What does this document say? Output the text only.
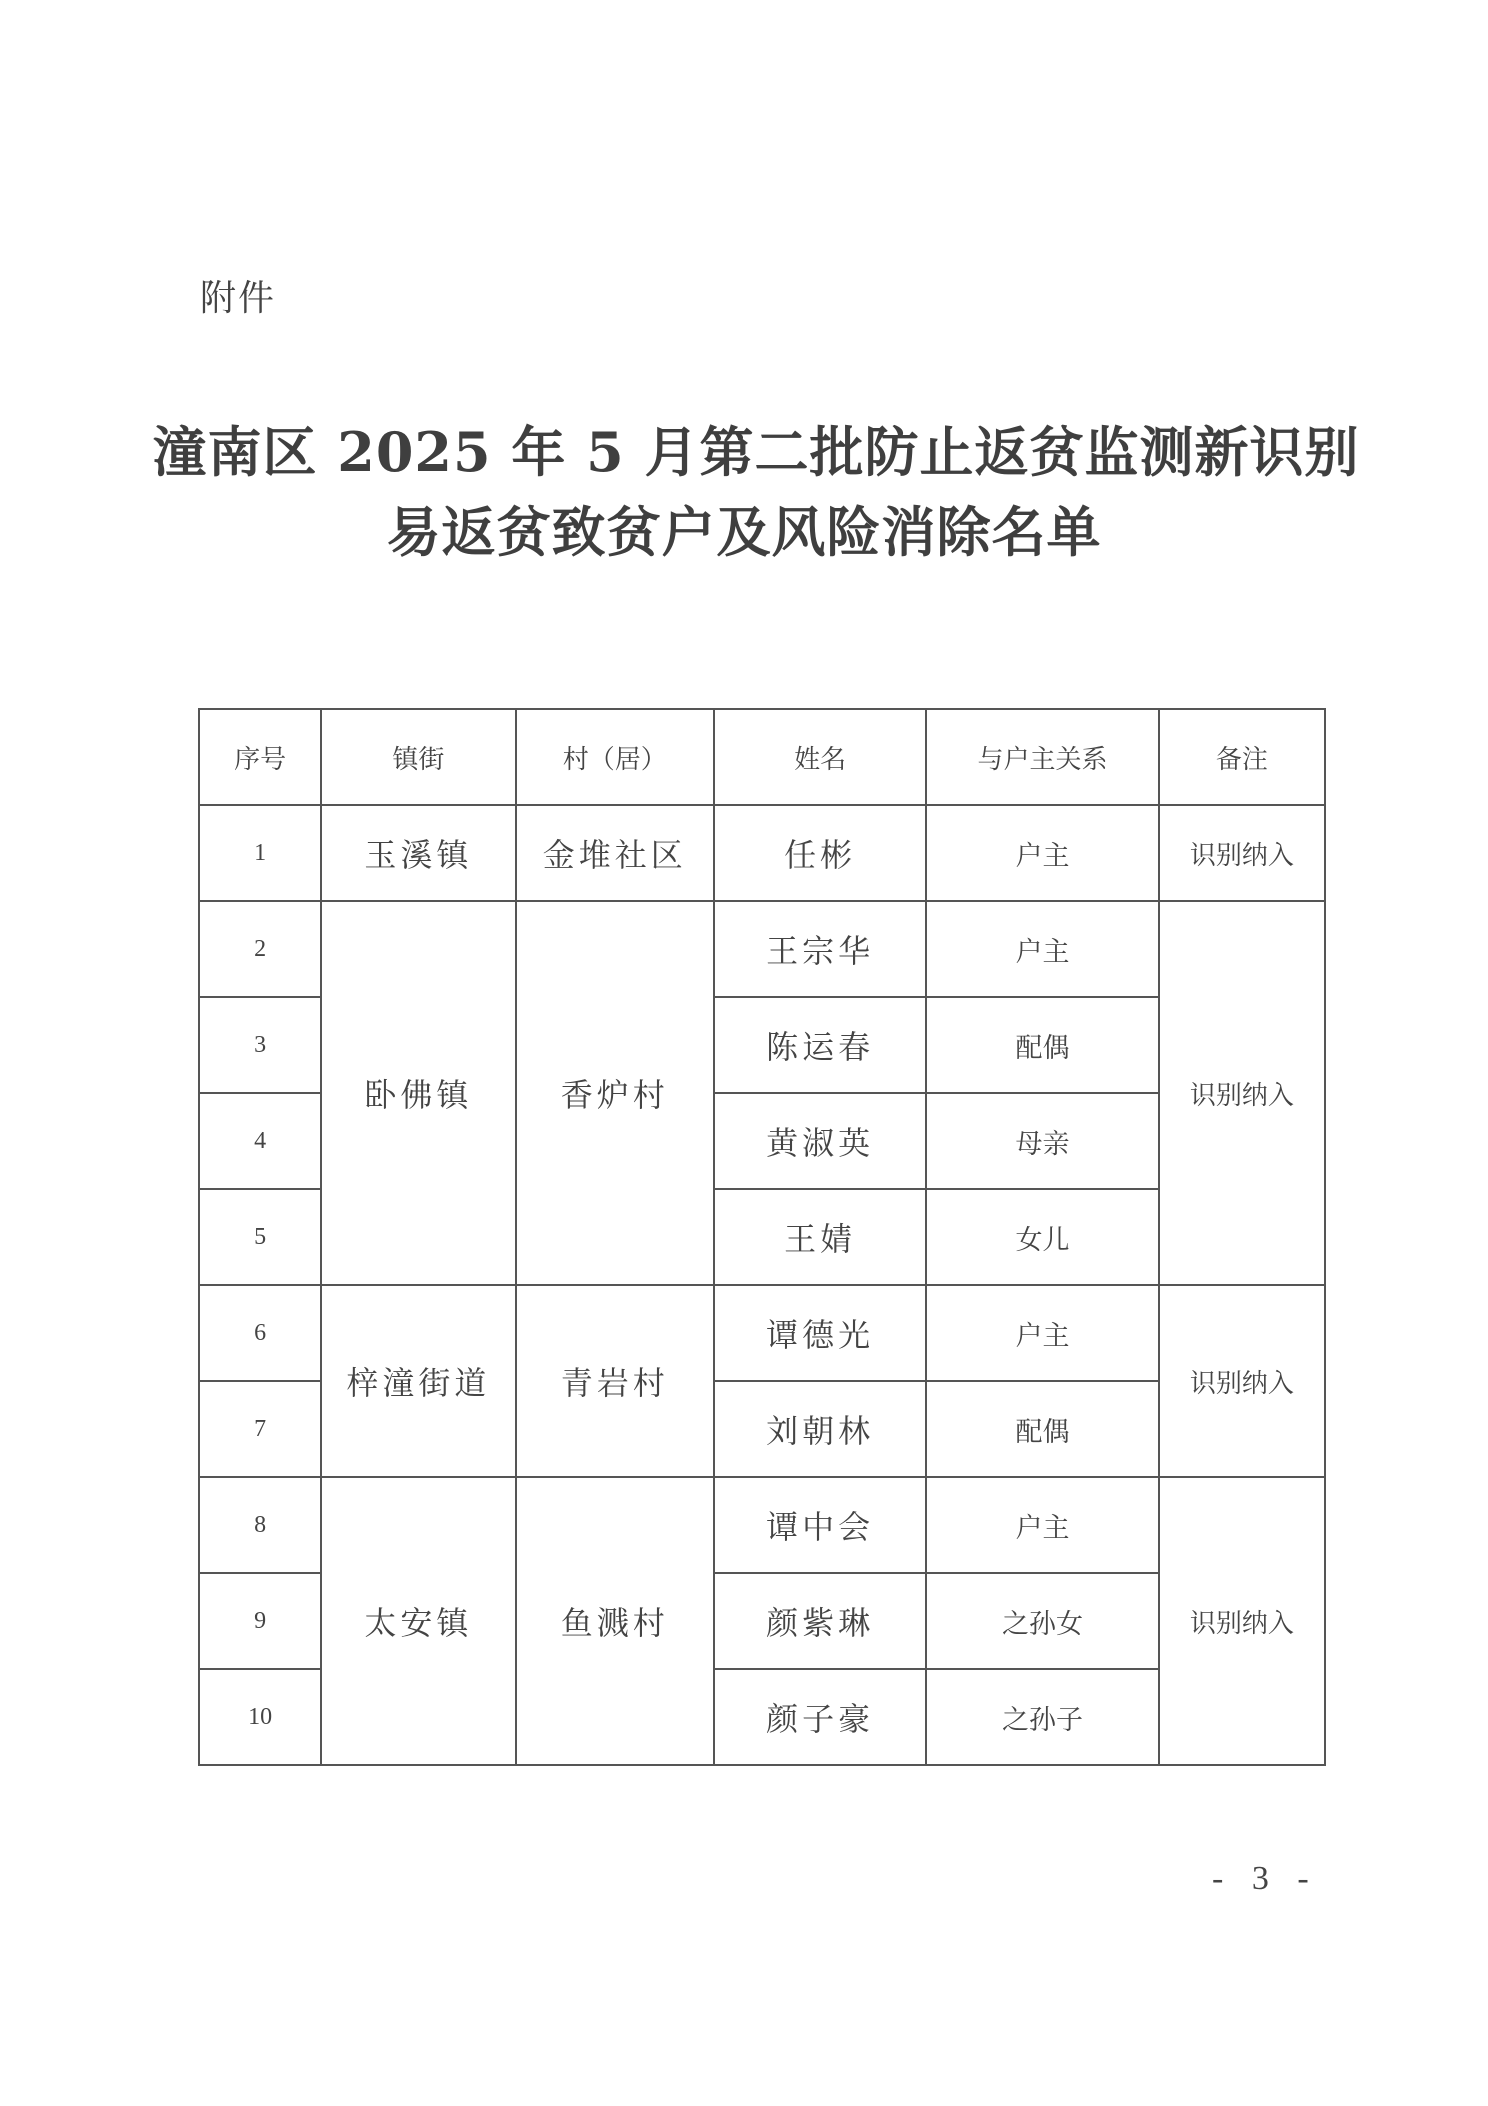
附件
潼南区 2025 年 5 月第二批防止返贫监测新识别
易返贫致贫户及风险消除名单
序号	镇街	村（居）	姓名	与户主关系	备注
1	玉溪镇	金堆社区	任彬	户主	识别纳入
2	卧佛镇	香炉村	王宗华	户主	识别纳入
3			陈运春	配偶	
4			黄淑英	母亲	
5			王婧	女儿	
6	梓潼街道	青岩村	谭德光	户主	识别纳入
7			刘朝林	配偶	
8	太安镇	鱼溅村	谭中会	户主	识别纳入
9			颜紫琳	之孙女	
10			颜子豪	之孙子	
- 3 -
